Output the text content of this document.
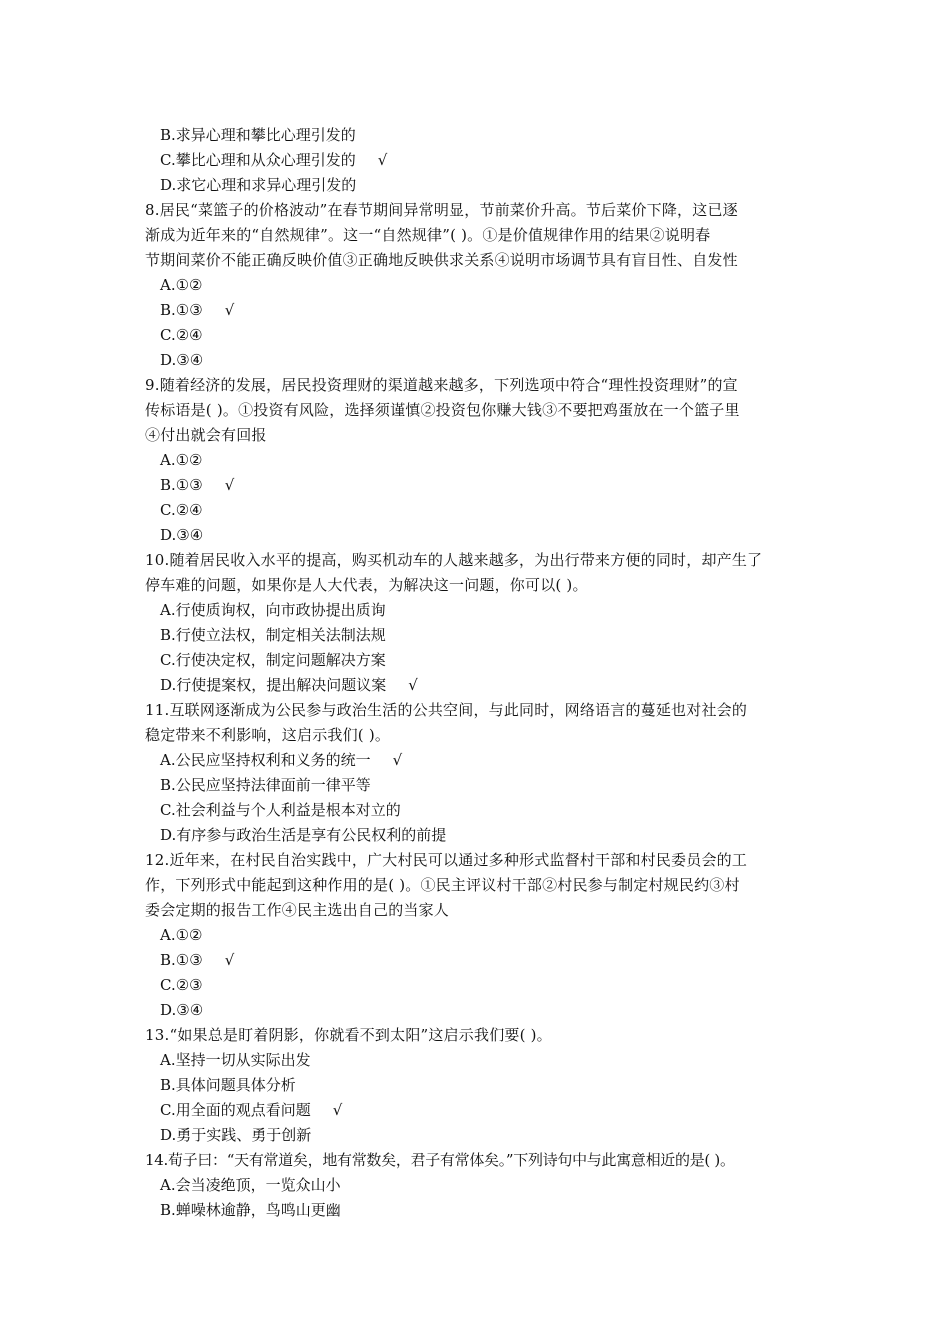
B.求异心理和攀比心理引发的
C.攀比心理和从众心理引发的 √
D.求它心理和求异心理引发的
8.居民“菜篮子的价格波动”在春节期间异常明显，节前菜价升高。节后菜价下降，这已逐
渐成为近年来的“自然规律”。这一“自然规律”( )。①是价值规律作用的结果②说明春
节期间菜价不能正确反映价值③正确地反映供求关系④说明市场调节具有盲目性、自发性
A.①②
B.①③ √
C.②④
D.③④
9.随着经济的发展，居民投资理财的渠道越来越多，下列选项中符合“理性投资理财”的宣
传标语是( )。①投资有风险，选择须谨慎②投资包你赚大钱③不要把鸡蛋放在一个篮子里
④付出就会有回报
A.①②
B.①③ √
C.②④
D.③④
10.随着居民收入水平的提高，购买机动车的人越来越多，为出行带来方便的同时，却产生了
停车难的问题，如果你是人大代表，为解决这一问题，你可以( )。
A.行使质询权，向市政协提出质询
B.行使立法权，制定相关法制法规
C.行使决定权，制定问题解决方案
D.行使提案权，提出解决问题议案 √
11.互联网逐渐成为公民参与政治生活的公共空间，与此同时，网络语言的蔓延也对社会的
稳定带来不利影响，这启示我们( )。
A.公民应坚持权利和义务的统一 √
B.公民应坚持法律面前一律平等
C.社会利益与个人利益是根本对立的
D.有序参与政治生活是享有公民权利的前提
12.近年来，在村民自治实践中，广大村民可以通过多种形式监督村干部和村民委员会的工
作，下列形式中能起到这种作用的是( )。①民主评议村干部②村民参与制定村规民约③村
委会定期的报告工作④民主选出自己的当家人
A.①②
B.①③ √
C.②③
D.③④
13.“如果总是盯着阴影，你就看不到太阳”这启示我们要( )。
A.坚持一切从实际出发
B.具体问题具体分析
C.用全面的观点看问题 √
D.勇于实践、勇于创新
14.荀子曰：“天有常道矣，地有常数矣，君子有常体矣。”下列诗句中与此寓意相近的是( )。
A.会当凌绝顶，一览众山小
B.蝉噪林逾静，鸟鸣山更幽
